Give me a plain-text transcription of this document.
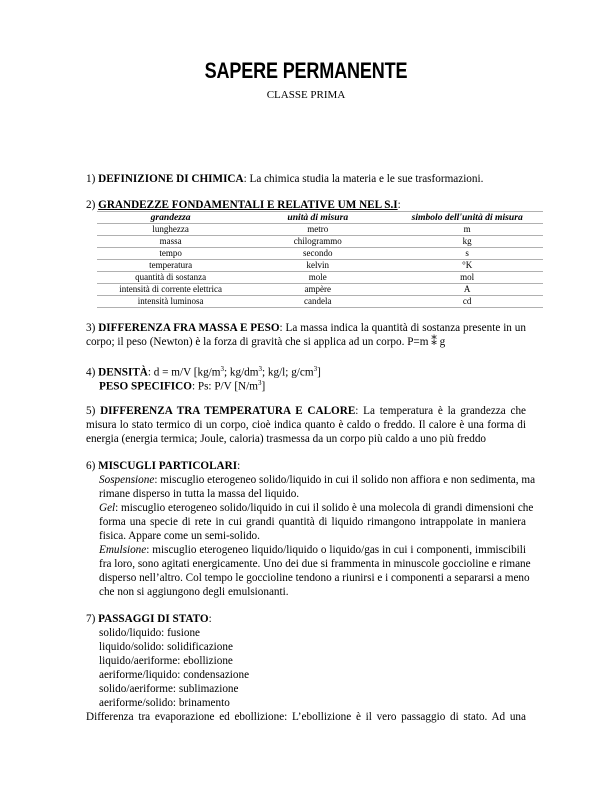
SAPERE PERMANENTE
CLASSE PRIMA
1) DEFINIZIONE DI CHIMICA: La chimica studia la materia e le sue trasformazioni.
2) GRANDEZZE FONDAMENTALI E RELATIVE UM NEL S.I:
grandezza	unità di misura	simbolo dell'unità di misura
lunghezza	metro	m
massa	chilogrammo	kg
tempo	secondo	s
temperatura	kelvin	°K
quantità di sostanza	mole	mol
intensità di corrente elettrica	ampère	A
intensità luminosa	candela	cd
3) DIFFERENZA FRA MASSA E PESO: La massa indica la quantità di sostanza presente in un
corpo; il peso (Newton) è la forza di gravità che si applica ad un corpo. P=m ⁑ g
4) DENSITÀ: d = m/V [$kg/m^3$; $kg/dm^3$; kg/l; $g/cm^3$]
PESO SPECIFICO: Ps: P/V $[N/m^3]$
5) DIFFERENZA TRA TEMPERATURA E CALORE: La temperatura è la grandezza che
misura lo stato termico di un corpo, cioè indica quanto è caldo o freddo. Il calore è una forma di
energia (energia termica; Joule, caloria) trasmessa da un corpo più caldo a uno più freddo
6) MISCUGLI PARTICOLARI:
Sospensione: miscuglio eterogeneo solido/liquido in cui il solido non affiora e non sedimenta, ma
rimane disperso in tutta la massa del liquido.
Gel: miscuglio eterogeneo solido/liquido in cui il solido è una molecola di grandi dimensioni che
forma una specie di rete in cui grandi quantità di liquido rimangono intrappolate in maniera
fisica. Appare come un semi-solido.
Emulsione: miscuglio eterogeneo liquido/liquido o liquido/gas in cui i componenti, immiscibili
fra loro, sono agitati energicamente. Uno dei due si frammenta in minuscole goccioline e rimane
disperso nell’altro. Col tempo le goccioline tendono a riunirsi e i componenti a separarsi a meno
che non si aggiungono degli emulsionanti.
7) PASSAGGI DI STATO:
solido/liquido: fusione
liquido/solido: solidificazione
liquido/aeriforme: ebollizione
aeriforme/liquido: condensazione
solido/aeriforme: sublimazione
aeriforme/solido: brinamento
Differenza tra evaporazione ed ebollizione: L’ebollizione è il vero passaggio di stato. Ad una
